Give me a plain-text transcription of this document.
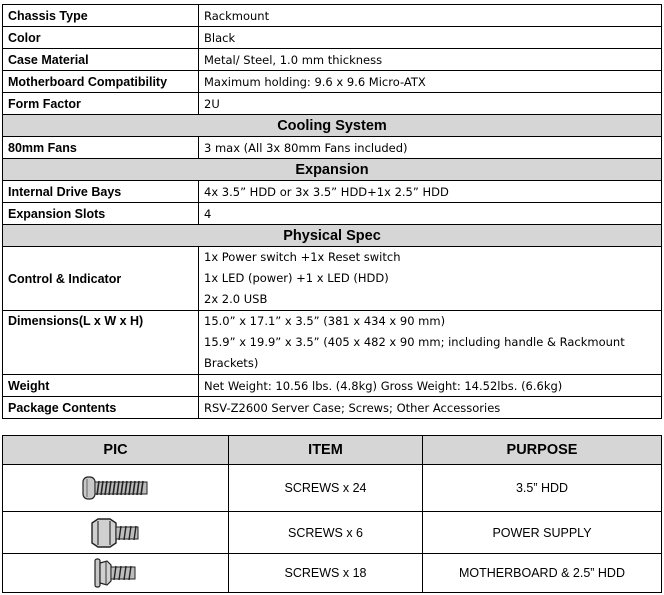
Chassis Type	Rackmount
Color	Black
Case Material	Metal/ Steel, 1.0 mm thickness
Motherboard Compatibility	Maximum holding: 9.6 x 9.6 Micro-ATX
Form Factor	2U
Cooling System	
80mm Fans	3 max (All 3x 80mm Fans included)
Expansion	
Internal Drive Bays	4x 3.5” HDD or 3x 3.5” HDD+1x 2.5” HDD
Expansion Slots	4
Physical Spec	
Control & Indicator	1x Power switch +1x Reset switch
1x LED (power) +1 x LED (HDD)
2x 2.0 USB

Dimensions(L x W x H)	15.0” x 17.1” x 3.5” (381 x 434 x 90 mm)
15.9” x 19.9” x 3.5” (405 x 482 x 90 mm; including handle & Rackmount
Brackets)

Weight	Net Weight: 10.56 lbs. (4.8kg) Gross Weight: 14.52lbs. (6.6kg)
Package Contents	RSV-Z2600 Server Case; Screws; Other Accessories
PIC	ITEM	PURPOSE

	SCREWS x 24	3.5” HDD

	SCREWS x 6	POWER SUPPLY

	SCREWS x 18	MOTHERBOARD & 2.5” HDD
